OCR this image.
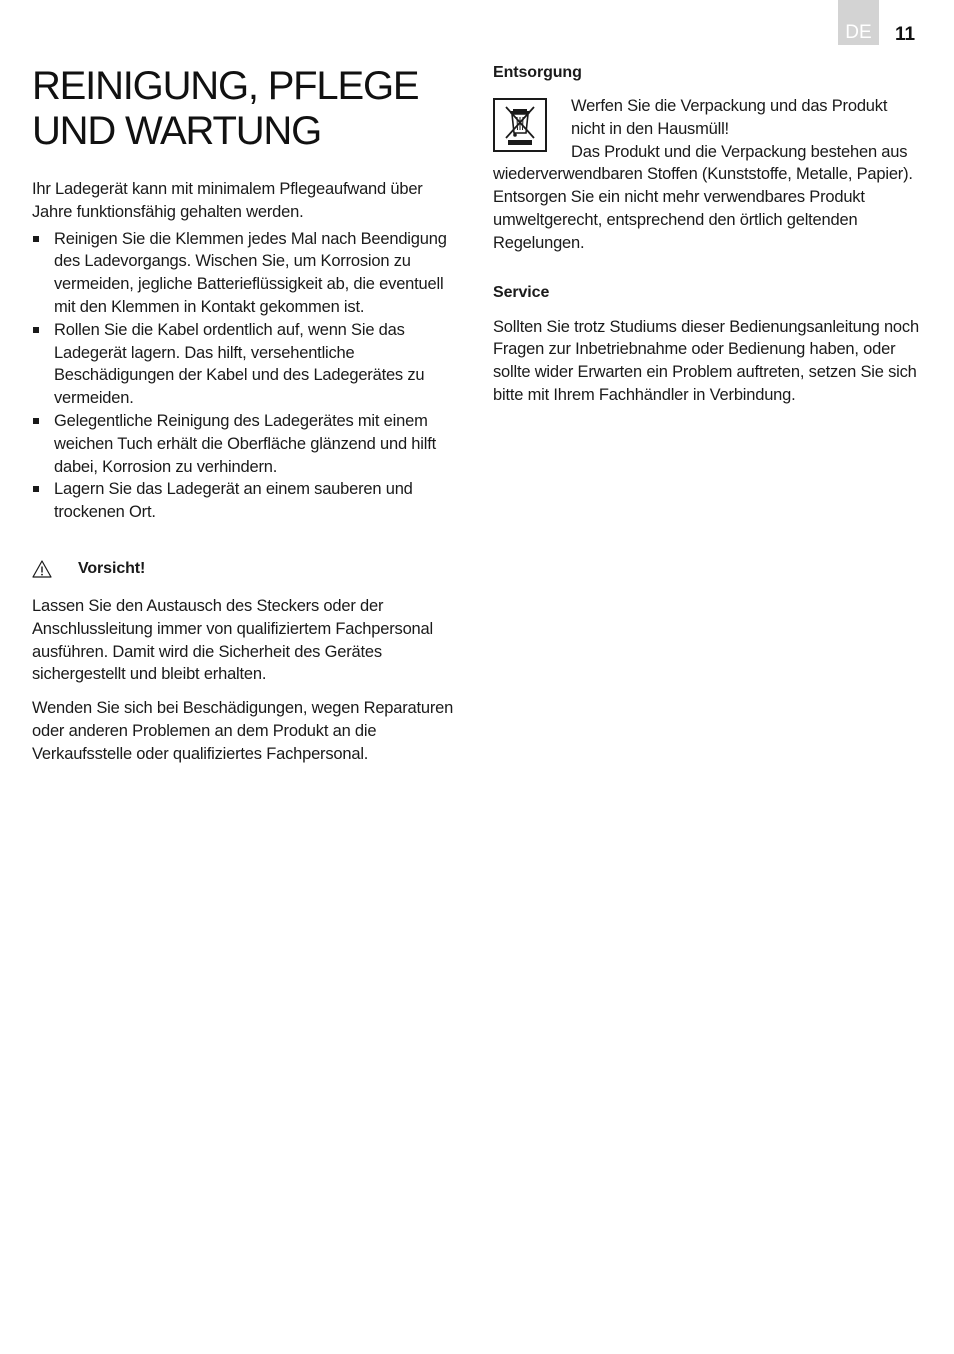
DE 11
REINIGUNG, PFLEGE
UND WARTUNG

Ihr Ladegerät kann mit minimalem Pflegeaufwand über Jahre funktionsfähig gehalten werden.

Reinigen Sie die Klemmen jedes Mal nach Beendigung des Ladevorgangs. Wischen Sie, um Korrosion zu vermeiden, jegliche Batterieflüssigkeit ab, die eventuell mit den Klemmen in Kontakt gekommen ist.
Rollen Sie die Kabel ordentlich auf, wenn Sie das Ladegerät lagern. Das hilft, versehentliche Beschädigungen der Kabel und des Ladegerätes zu vermeiden.
Gelegentliche Reinigung des Ladegerätes mit einem weichen Tuch erhält die Oberfläche glänzend und hilft dabei, Korrosion zu verhindern.
Lagern Sie das Ladegerät an einem sauberen und trockenen Ort.
Vorsicht!

Lassen Sie den Austausch des Steckers oder der Anschlussleitung immer von qualifiziertem Fachpersonal ausführen. Damit wird die Sicherheit des Gerätes sichergestellt und bleibt erhalten.

Wenden Sie sich bei Beschädigungen, wegen Reparaturen oder anderen Problemen an dem Produkt an die Verkaufsstelle oder qualifiziertes Fachpersonal.

Entsorgung

Werfen Sie die Verpackung und das Produkt nicht in den Hausmüll!

Das Produkt und die Verpackung bestehen aus wiederverwendbaren Stoffen (Kunststoffe, Metalle, Papier).

Entsorgen Sie ein nicht mehr verwendbares Produkt umweltgerecht, entsprechend den örtlich geltenden Regelungen.

Service

Sollten Sie trotz Studiums dieser Bedienungsanleitung noch Fragen zur Inbetriebnahme oder Bedienung haben, oder sollte wider Erwarten ein Problem auftreten, setzen Sie sich bitte mit Ihrem Fachhändler in Verbindung.
